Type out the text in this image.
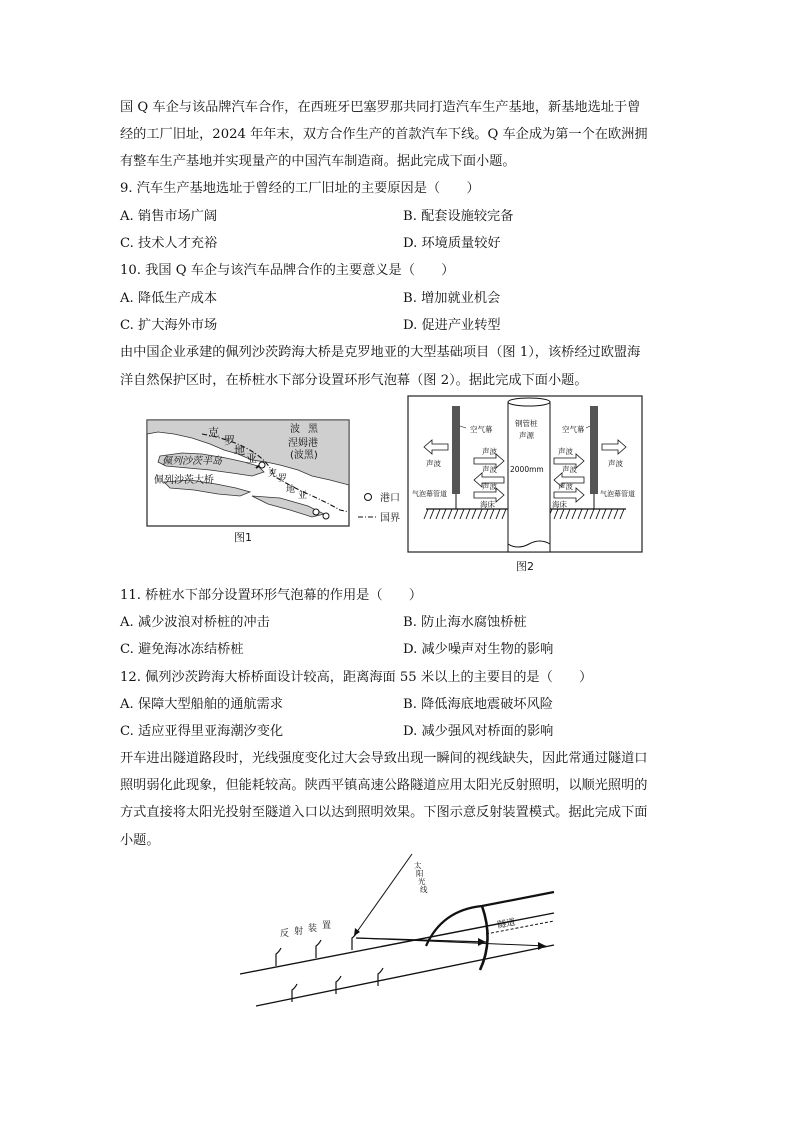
国 Q 车企与该品牌汽车合作，在西班牙巴塞罗那共同打造汽车生产基地，新基地选址于曾
经的工厂旧址，2024 年年末，双方合作生产的首款汽车下线。Q 车企成为第一个在欧洲拥
有整车生产基地并实现量产的中国汽车制造商。据此完成下面小题。
9. 汽车生产基地选址于曾经的工厂旧址的主要原因是（　　）
A. 销售市场广阔	B. 配套设施较完备
C. 技术人才充裕	D. 环境质量较好
10. 我国 Q 车企与该汽车品牌合作的主要意义是（　　）
A. 降低生产成本	B. 增加就业机会
C. 扩大海外市场	D. 促进产业转型
由中国企业承建的佩列沙茨跨海大桥是克罗地亚的大型基础项目（图 1），该桥经过欧盟海
洋自然保护区时，在桥桩水下部分设置环形气泡幕（图 2）。据此完成下面小题。
克
罗
地
亚
波 黑
涅姆港
(波黑)
佩列沙茨半岛
佩列沙茨大桥
克 罗
地
亚	港口
国界
图1
钢管桩
声源
2000mm
空气幕	空气幕
声波
声波
声波
声波
声波
声波
声波	声波
气泡幕管道	气泡幕管道
海床	海床
图2
11. 桥桩水下部分设置环形气泡幕的作用是（　　）
A. 减少波浪对桥桩的冲击	B. 防止海水腐蚀桥桩
C. 避免海冰冻结桥桩	D. 减少噪声对生物的影响
12. 佩列沙茨跨海大桥桥面设计较高，距离海面 55 米以上的主要目的是（　　）
A. 保障大型船舶的通航需求	B. 降低海底地震破坏风险
C. 适应亚得里亚海潮汐变化	D. 减少强风对桥面的影响
开车进出隧道路段时，光线强度变化过大会导致出现一瞬间的视线缺失，因此常通过隧道口
照明弱化此现象，但能耗较高。陕西平镇高速公路隧道应用太阳光反射照明，以顺光照明的
方式直接将太阳光投射至隧道入口以达到照明效果。下图示意反射装置模式。据此完成下面
小题。
隧道
太
阳
光
线
反 射 装 置
